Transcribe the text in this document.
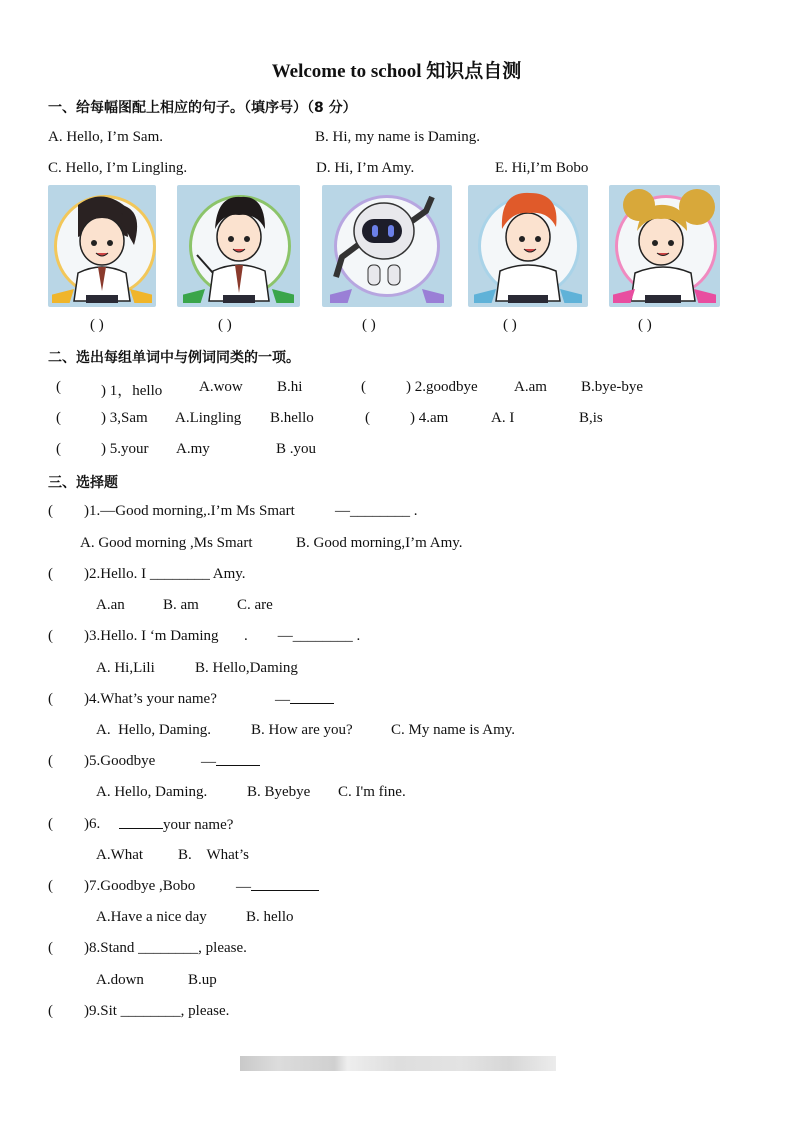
Welcome to school 知识点自测
一、给每幅图配上相应的句子。（填序号）（8 分）
A. Hello, I’m Sam.	B. Hi, my name is Daming.
C. Hello, I’m Lingling.	D. Hi, I’m Amy.	E. Hi,I’m Bobo
( )	( )	( )	( )	( )
二、选出每组单词中与例词同类的一项。
(	) 1，hello A.wow B.hi	(	) 2.goodbye A.am B.bye-bye
(	) 3,Sam A.Lingling B.hello	(	) 4.am	A. I	B,is
(	) 5.your A.my	B .you
三、选择题
( )1.—Good morning,.I’m Ms Smart	—________ .
A. Good morning ,Ms Smart	B. Good morning,I’m Amy.
( )2.Hello. I ________ Amy.
A.an	B. am	C. are
( )3.Hello. I ‘m Daming .        —________ .
A. Hi,Lili	B. Hello,Daming
( )4.What’s your name?	—
A.  Hello, Daming.	B. How are you?	C. My name is Amy.
( )5.Goodbye	—
A. Hello, Daming.	B. Byebye C. I'm fine.
( )6.	your name?
A.What B.    What’s
( )7.Goodbye ,Bobo	—
A.Have a nice day	B. hello
( )8.Stand ________, please.
A.down	B.up
( )9.Sit ________, please.
